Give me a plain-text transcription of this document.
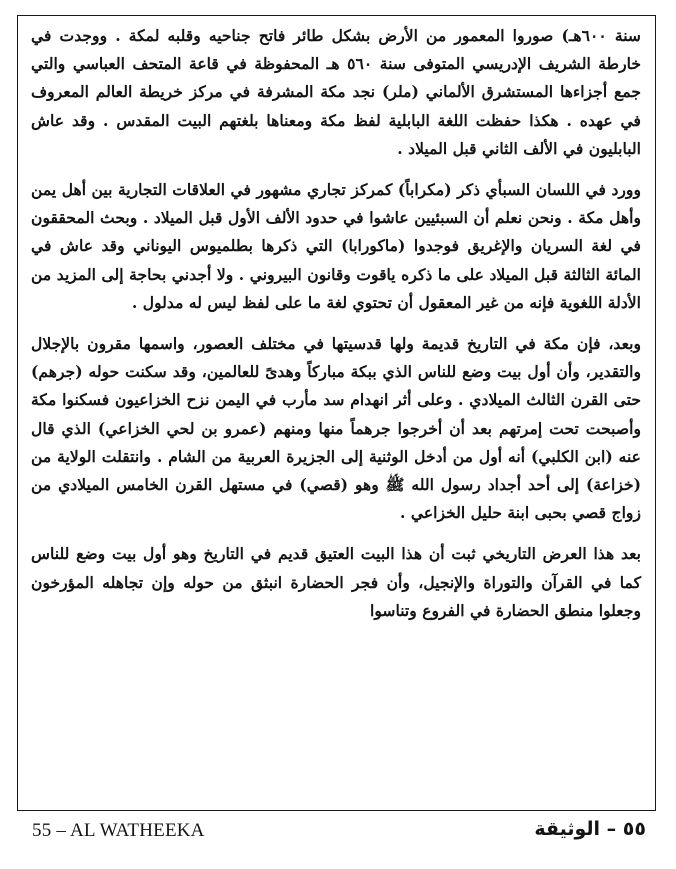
سنة ٦٠٠هـ) صوروا المعمور من الأرض بشكل طائر فاتح جناحيه وقلبه لمكة . ووجدت في خارطة الشريف الإدريسي المتوفى سنة ٥٦٠ هـ المحفوظة في قاعة المتحف العباسي والتي جمع أجزاءها المستشرق الألماني (ملر) نجد مكة المشرفة في مركز خريطة العالم المعروف في عهده . هكذا حفظت اللغة البابلية لفظ مكة ومعناها بلغتهم البيت المقدس . وقد عاش البابليون في الألف الثاني قبل الميلاد .

وورد في اللسان السبأي ذكر (مكراباً) كمركز تجاري مشهور في العلاقات التجارية بين أهل يمن وأهل مكة . ونحن نعلم أن السبئيين عاشوا في حدود الألف الأول قبل الميلاد . وبحث المحققون في لغة السريان والإغريق فوجدوا (ماكورابا) التي ذكرها بطلميوس اليوناني وقد عاش في المائة الثالثة قبل الميلاد على ما ذكره ياقوت وقانون البيروني . ولا أجدني بحاجة إلى المزيد من الأدلة اللغوية فإنه من غير المعقول أن تحتوي لغة ما على لفظ ليس له مدلول .

وبعد، فإن مكة في التاريخ قديمة ولها قدسيتها في مختلف العصور، واسمها مقرون بالإجلال والتقدير، وأن أول بيت وضع للناس الذي ببكة مباركاً وهدىً للعالمين، وقد سكنت حوله (جرهم) حتى القرن الثالث الميلادي . وعلى أثر انهدام سد مأرب في اليمن نزح الخزاعيون فسكنوا مكة وأصبحت تحت إمرتهم بعد أن أخرجوا جرهماً منها ومنهم (عمرو بن لحي الخزاعي) الذي قال عنه (ابن الكلبي) أنه أول من أدخل الوثنية إلى الجزيرة العربية من الشام . وانتقلت الولاية من (خزاعة) إلى أحد أجداد رسول الله ﷺ وهو (قصي) في مستهل القرن الخامس الميلادي من زواج قصي بحبى ابنة حليل الخزاعي .

بعد هذا العرض التاريخي ثبت أن هذا البيت العتيق قديم في التاريخ وهو أول بيت وضع للناس كما في القرآن والتوراة والإنجيل، وأن فجر الحضارة انبثق من حوله وإن تجاهله المؤرخون وجعلوا منطق الحضارة في الفروع وتناسوا

55 – AL WATHEEKA	٥٥ – الوثيقة
